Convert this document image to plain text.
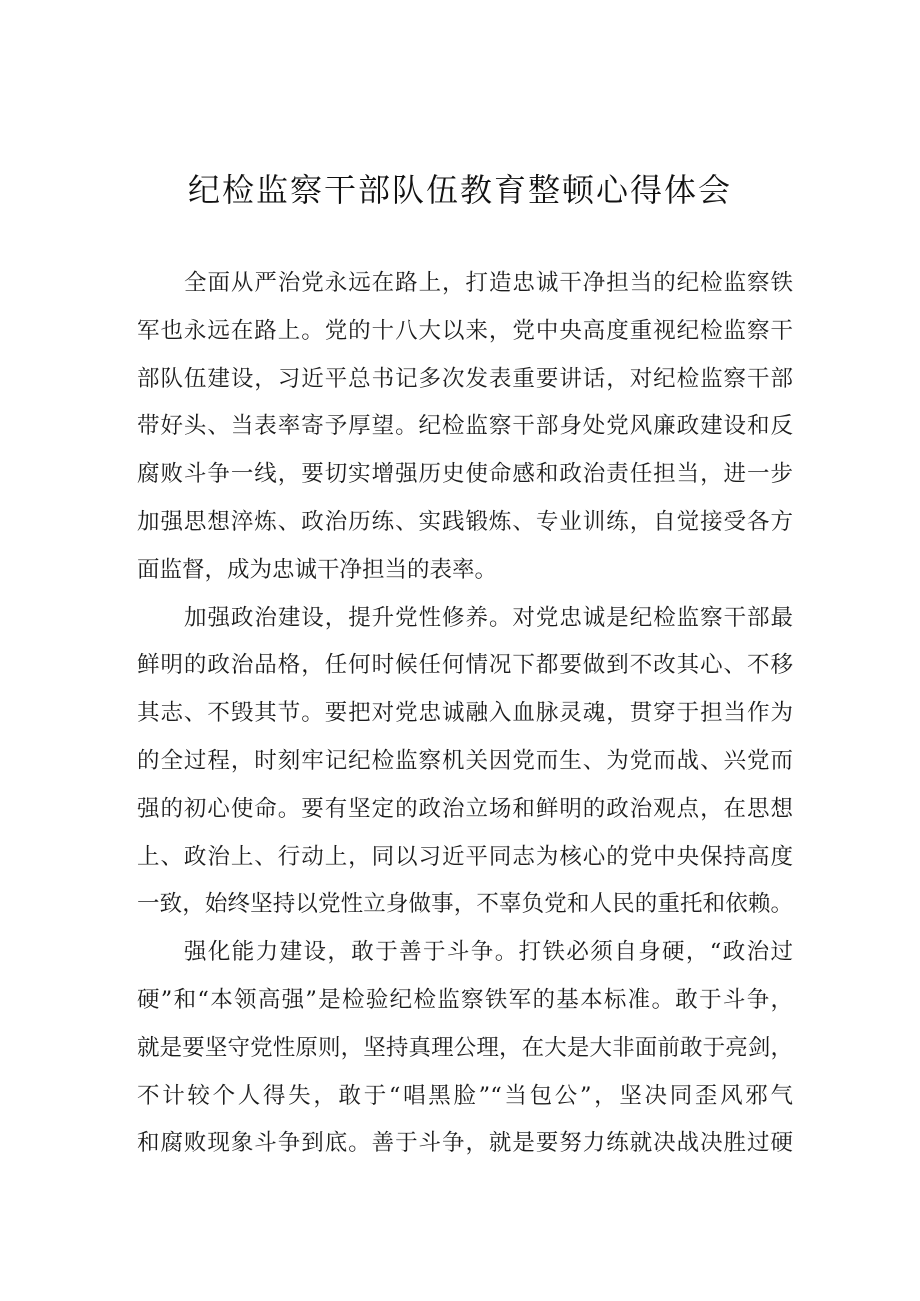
纪检监察干部队伍教育整顿心得体会
全面从严治党永远在路上，打造忠诚干净担当的纪检监察铁
军也永远在路上。党的十八大以来，党中央高度重视纪检监察干
部队伍建设，习近平总书记多次发表重要讲话，对纪检监察干部
带好头、当表率寄予厚望。纪检监察干部身处党风廉政建设和反
腐败斗争一线，要切实增强历史使命感和政治责任担当，进一步
加强思想淬炼、政治历练、实践锻炼、专业训练，自觉接受各方
面监督，成为忠诚干净担当的表率。
加强政治建设，提升党性修养。对党忠诚是纪检监察干部最
鲜明的政治品格，任何时候任何情况下都要做到不改其心、不移
其志、不毁其节。要把对党忠诚融入血脉灵魂，贯穿于担当作为
的全过程，时刻牢记纪检监察机关因党而生、为党而战、兴党而
强的初心使命。要有坚定的政治立场和鲜明的政治观点，在思想
上、政治上、行动上，同以习近平同志为核心的党中央保持高度
一致，始终坚持以党性立身做事，不辜负党和人民的重托和依赖。
强化能力建设，敢于善于斗争。打铁必须自身硬，“政治过
硬”和“本领高强”是检验纪检监察铁军的基本标准。敢于斗争，
就是要坚守党性原则，坚持真理公理，在大是大非面前敢于亮剑，
不计较个人得失，敢于“唱黑脸”“当包公”，坚决同歪风邪气
和腐败现象斗争到底。善于斗争，就是要努力练就决战决胜过硬
